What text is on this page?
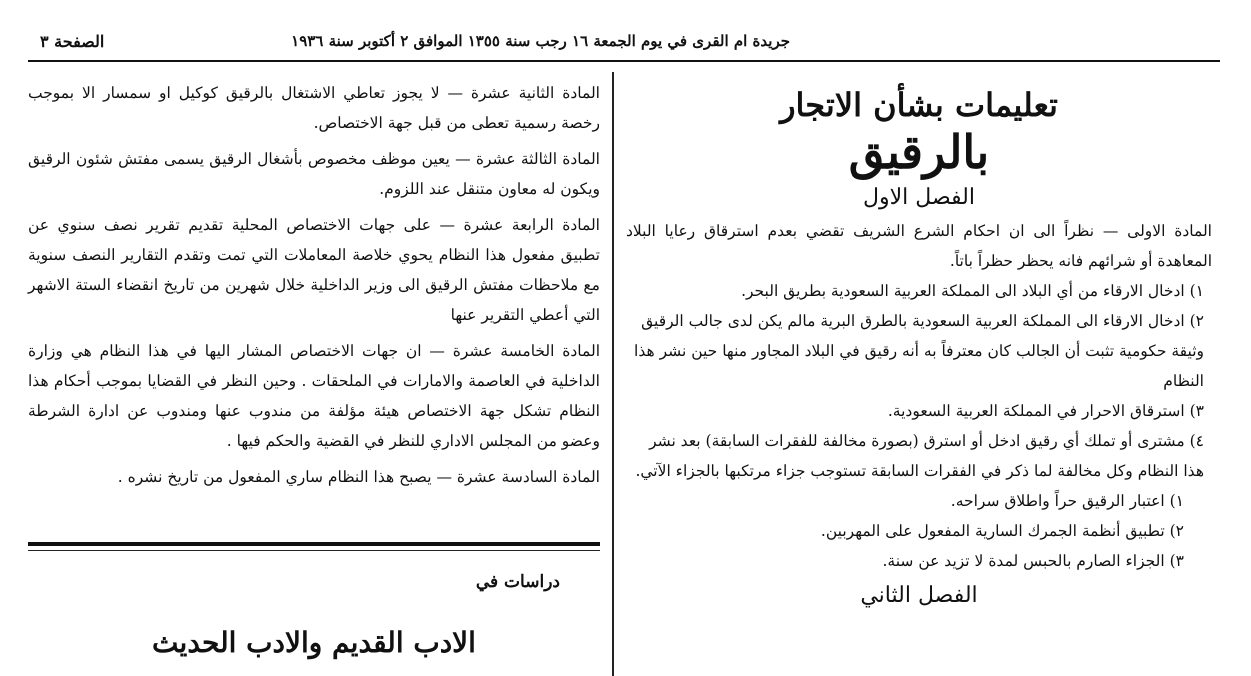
جريدة ام القرى في يوم الجمعة ١٦ رجب سنة ١٣٥٥ الموافق ٢ أكتوبر سنة ١٩٣٦
الصفحة ٣
تعليمات بشأن الاتجار
بالرقيق
الفصل الاول

المادة الاولى — نظراً الى ان احكام الشرع الشريف تقضي بعدم استرقاق رعايا البلاد المعاهدة أو شرائهم فانه يحظر حظراً باتاً.

١) ادخال الارقاء من أي البلاد الى المملكة العربية السعودية بطريق البحر.

٢) ادخال الارقاء الى المملكة العربية السعودية بالطرق البرية مالم يكن لدى جالب الرقيق وثيقة حكومية تثبت أن الجالب كان معترفاً به أنه رقيق في البلاد المجاور منها حين نشر هذا النظام

٣) استرقاق الاحرار في المملكة العربية السعودية.

٤) مشترى أو تملك أي رقيق ادخل أو استرق (بصورة مخالفة للفقرات السابقة) بعد نشر هذا النظام وكل مخالفة لما ذكر في الفقرات السابقة تستوجب جزاء مرتكبها بالجزاء الآتي.

١) اعتبار الرقيق حراً واطلاق سراحه.

٢) تطبيق أنظمة الجمرك السارية المفعول على المهربين.

٣) الجزاء الصارم بالحبس لمدة لا تزيد عن سنة.

الفصل الثاني

المادة الثانية عشرة — لا يجوز تعاطي الاشتغال بالرقيق كوكيل او سمسار الا بموجب رخصة رسمية تعطى من قبل جهة الاختصاص.

المادة الثالثة عشرة — يعين موظف مخصوص بأشغال الرقيق يسمى مفتش شئون الرقيق ويكون له معاون متنقل عند اللزوم.

المادة الرابعة عشرة — على جهات الاختصاص المحلية تقديم تقرير نصف سنوي عن تطبيق مفعول هذا النظام يحوي خلاصة المعاملات التي تمت وتقدم التقارير النصف سنوية مع ملاحظات مفتش الرقيق الى وزير الداخلية خلال شهرين من تاريخ انقضاء الستة الاشهر التي أعطي التقرير عنها

المادة الخامسة عشرة — ان جهات الاختصاص المشار اليها في هذا النظام هي وزارة الداخلية في العاصمة والامارات في الملحقات . وحين النظر في القضايا بموجب أحكام هذا النظام تشكل جهة الاختصاص هيئة مؤلفة من مندوب عنها ومندوب عن ادارة الشرطة وعضو من المجلس الاداري للنظر في القضية والحكم فيها .

المادة السادسة عشرة — يصبح هذا النظام ساري المفعول من تاريخ نشره .

دراسات في
الادب القديم والادب الحديث
